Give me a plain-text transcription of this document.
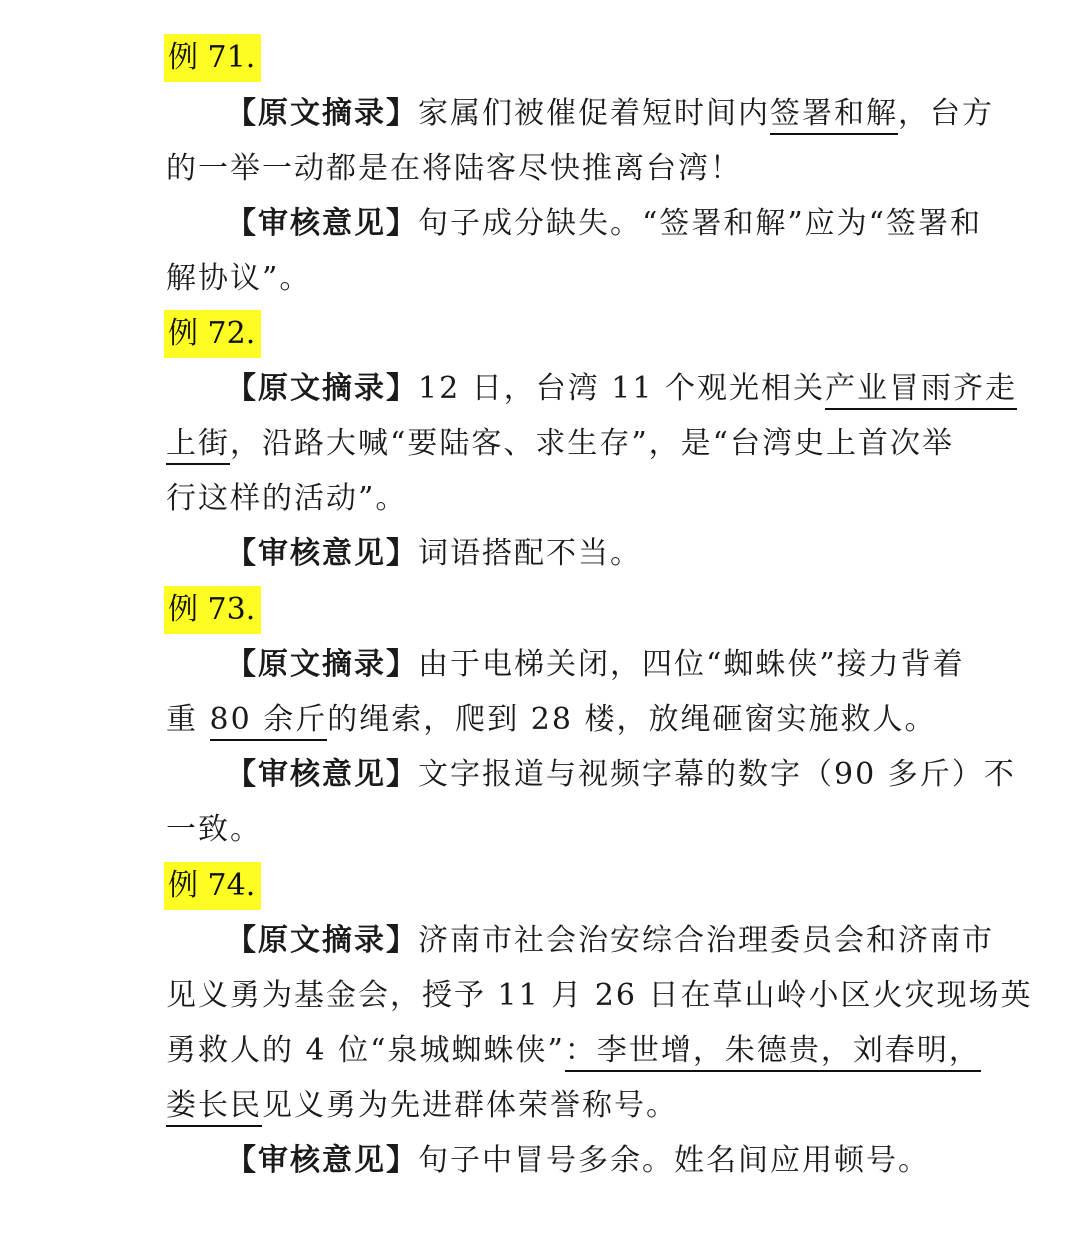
例 71.
【原文摘录】家属们被催促着短时间内签署和解，台方
的一举一动都是在将陆客尽快推离台湾！
【审核意见】句子成分缺失。“签署和解”应为“签署和
解协议”。
例 72.
【原文摘录】12 日，台湾 11 个观光相关产业冒雨齐走
上街，沿路大喊“要陆客、求生存”，是“台湾史上首次举
行这样的活动”。
【审核意见】词语搭配不当。
例 73.
【原文摘录】由于电梯关闭，四位“蜘蛛侠”接力背着
重 80 余斤的绳索，爬到 28 楼，放绳砸窗实施救人。
【审核意见】文字报道与视频字幕的数字（90 多斤）不
一致。
例 74.
【原文摘录】济南市社会治安综合治理委员会和济南市
见义勇为基金会，授予 11 月 26 日在草山岭小区火灾现场英
勇救人的 4 位“泉城蜘蛛侠”：李世增，朱德贵，刘春明，
娄长民见义勇为先进群体荣誉称号。
【审核意见】句子中冒号多余。姓名间应用顿号。
